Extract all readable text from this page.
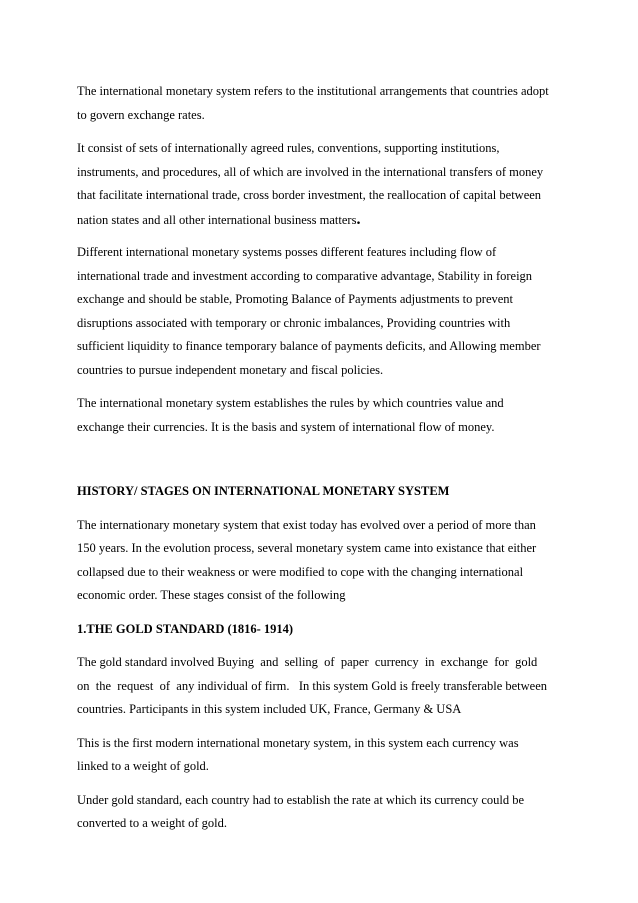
The international monetary system refers to the institutional arrangements that countries adopt
to govern exchange rates.

It consist of sets of internationally agreed rules, conventions, supporting institutions,
instruments, and procedures, all of which are involved in the international transfers of money
that facilitate international trade, cross border investment, the reallocation of capital between
nation states and all other international business matters.

Different international monetary systems posses different features including flow of
international trade and investment according to comparative advantage, Stability in foreign
exchange and should be stable, Promoting Balance of Payments adjustments to prevent
disruptions associated with temporary or chronic imbalances, Providing countries with
sufficient liquidity to finance temporary balance of payments deficits, and Allowing member
countries to pursue independent monetary and fiscal policies.

The international monetary system establishes the rules by which countries value and
exchange their currencies. It is the basis and system of international flow of money.

HISTORY/ STAGES ON INTERNATIONAL MONETARY SYSTEM

The internationary monetary system that exist today has evolved over a period of more than
150 years. In the evolution process, several monetary system came into existance that either
collapsed due to their weakness or were modified to cope with the changing international
economic order. These stages consist of the following

1.THE GOLD STANDARD (1816- 1914)

The gold standard involved Buying  and  selling  of  paper  currency  in  exchange  for  gold
on  the  request  of  any individual of firm.   In this system Gold is freely transferable between
countries. Participants in this system included UK, France, Germany & USA

This is the first modern international monetary system, in this system each currency was
linked to a weight of gold.

Under gold standard, each country had to establish the rate at which its currency could be
converted to a weight of gold.
